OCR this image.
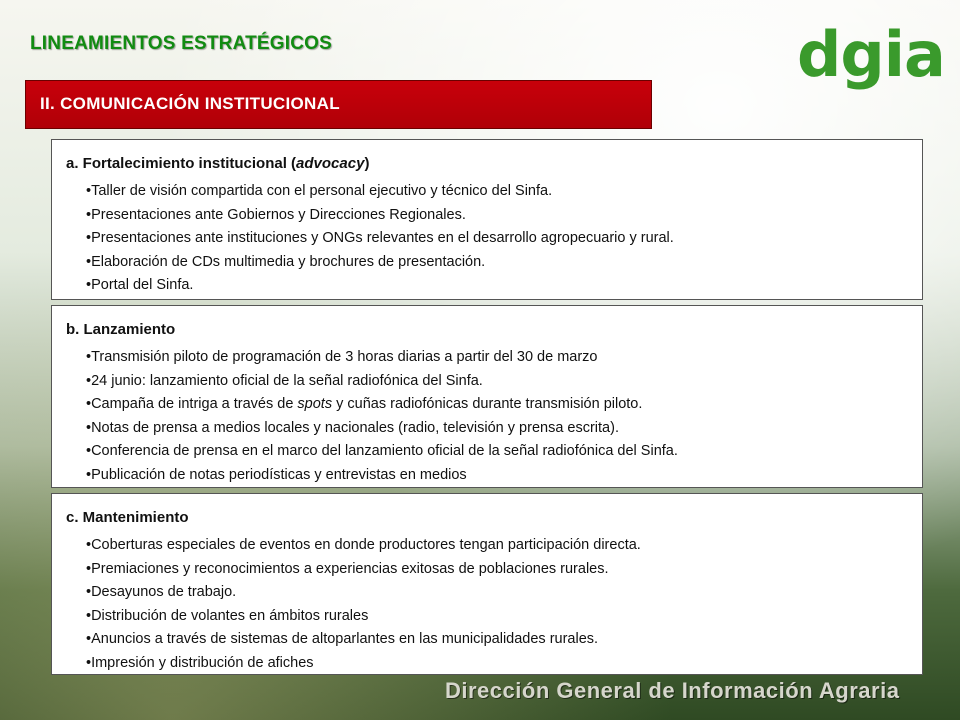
LINEAMIENTOS ESTRATÉGICOS	dgia
II. COMUNICACIÓN INSTITUCIONAL
a. Fortalecimiento institucional (advocacy)
• Taller de visión compartida con el personal ejecutivo y técnico del Sinfa.
• Presentaciones ante Gobiernos y Direcciones Regionales.
• Presentaciones ante instituciones y ONGs relevantes en el desarrollo agropecuario y rural.
• Elaboración de CDs multimedia y brochures de presentación.
• Portal del Sinfa.
b. Lanzamiento
• Transmisión piloto de programación de 3 horas diarias a partir del 30 de marzo
• 24 junio: lanzamiento oficial de la señal radiofónica del Sinfa.
• Campaña de intriga a través de spots y cuñas radiofónicas durante transmisión piloto.
• Notas de prensa a medios locales y nacionales (radio, televisión y prensa escrita).
• Conferencia de prensa en el marco del lanzamiento oficial de la señal radiofónica del Sinfa.
• Publicación de notas periodísticas y entrevistas en medios
c. Mantenimiento
• Coberturas especiales de eventos en donde productores tengan participación directa.
• Premiaciones y reconocimientos a experiencias exitosas de poblaciones rurales.
• Desayunos de trabajo.
• Distribución de volantes en ámbitos rurales
• Anuncios a través de sistemas de altoparlantes en las municipalidades rurales.
• Impresión y distribución de afiches
Dirección General de Información Agraria
